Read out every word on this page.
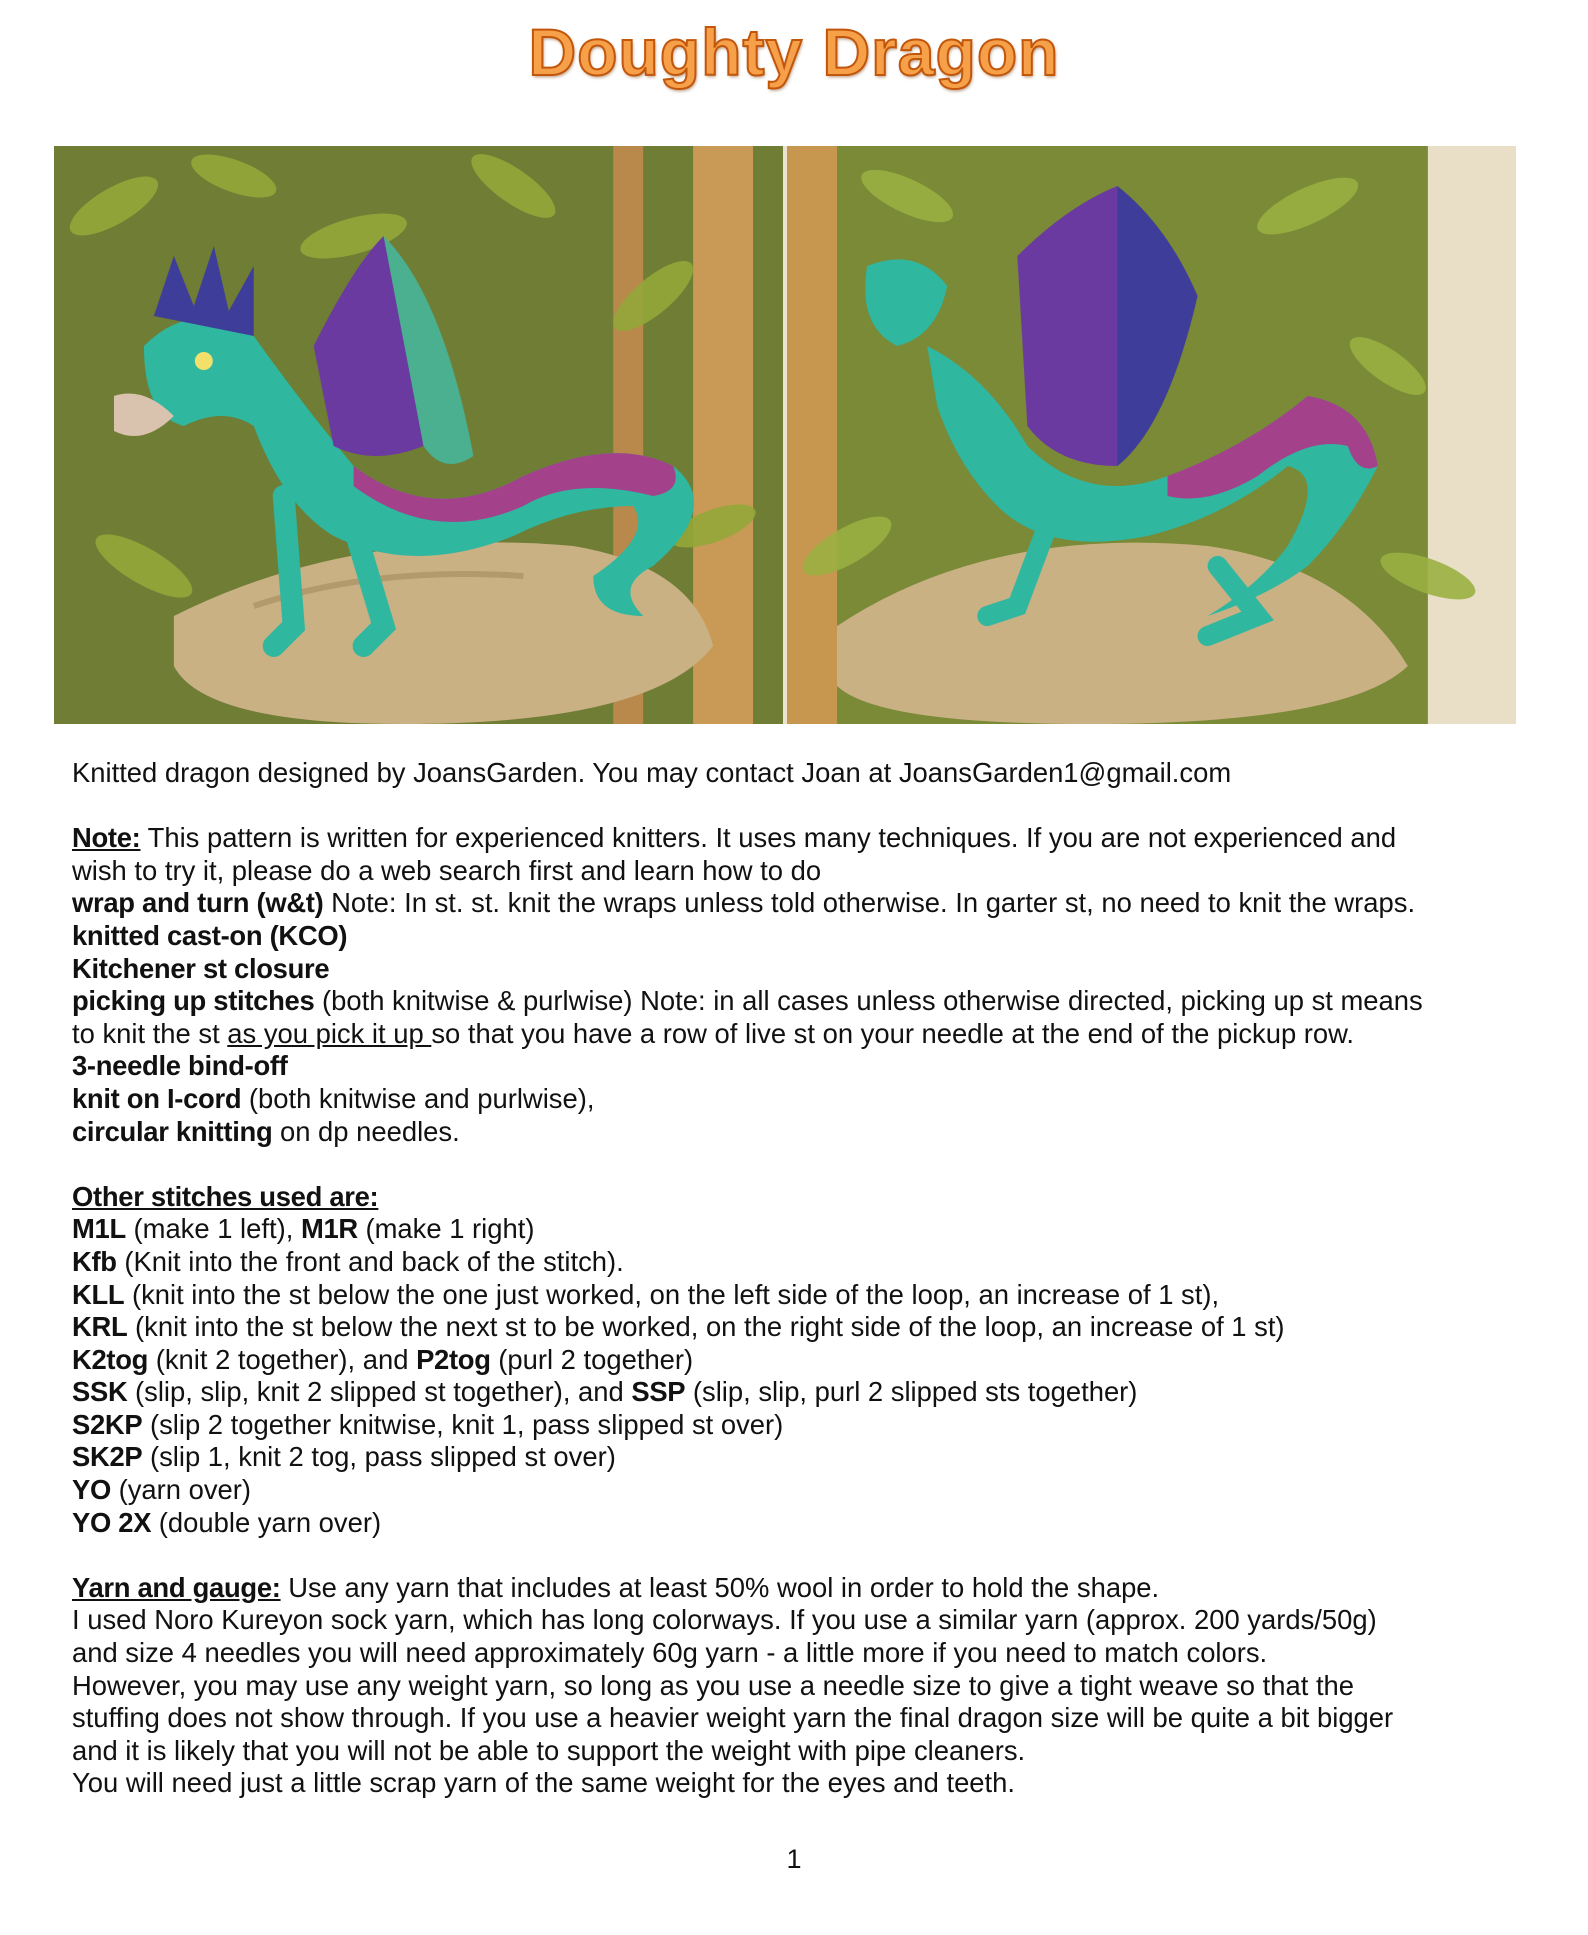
Doughty Dragon

Knitted dragon designed by JoansGarden. You may contact Joan at JoansGarden1@gmail.com

Note: This pattern is written for experienced knitters. It uses many techniques. If you are not experienced and

wish to try it, please do a web search first and learn how to do

wrap and turn (w&t) Note: In st. st. knit the wraps unless told otherwise. In garter st, no need to knit the wraps.

knitted cast-on (KCO)

Kitchener st closure

picking up stitches (both knitwise & purlwise) Note: in all cases unless otherwise directed, picking up st means

to knit the st as you pick it up so that you have a row of live st on your needle at the end of the pickup row.

3-needle bind-off

knit on I-cord (both knitwise and purlwise),

circular knitting on dp needles.

Other stitches used are:

M1L (make 1 left), M1R (make 1 right)

Kfb (Knit into the front and back of the stitch).

KLL (knit into the st below the one just worked, on the left side of the loop, an increase of 1 st),

KRL (knit into the st below the next st to be worked, on the right side of the loop, an increase of 1 st)

K2tog (knit 2 together), and P2tog (purl 2 together)

SSK (slip, slip, knit 2 slipped st together), and SSP (slip, slip, purl 2 slipped sts together)

S2KP (slip 2 together knitwise, knit 1, pass slipped st over)

SK2P (slip 1, knit 2 tog, pass slipped st over)

YO (yarn over)

YO 2X (double yarn over)

Yarn and gauge: Use any yarn that includes at least 50% wool in order to hold the shape.

I used Noro Kureyon sock yarn, which has long colorways. If you use a similar yarn (approx. 200 yards/50g)

and size 4 needles you will need approximately 60g yarn - a little more if you need to match colors.

However, you may use any weight yarn, so long as you use a needle size to give a tight weave so that the

stuffing does not show through. If you use a heavier weight yarn the final dragon size will be quite a bit bigger

and it is likely that you will not be able to support the weight with pipe cleaners.

You will need just a little scrap yarn of the same weight for the eyes and teeth.

1
